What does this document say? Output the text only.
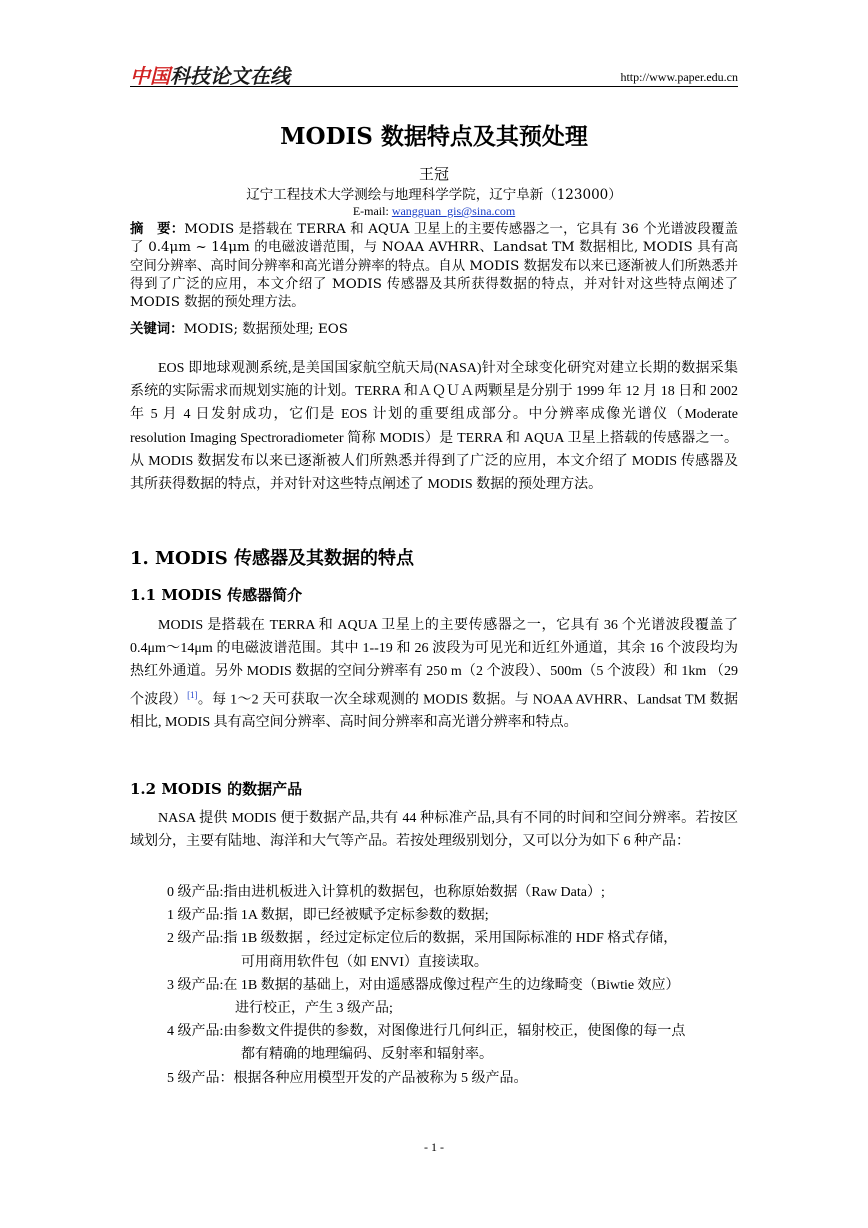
中国科技论文在线	http://www.paper.edu.cn
MODIS 数据特点及其预处理
王冠
辽宁工程技术大学测绘与地理科学学院，辽宁阜新（123000）
E-mail: wangguan_gis@sina.com
摘　要：MODIS 是搭载在 TERRA 和 AQUA 卫星上的主要传感器之一，它具有 36 个光谱波段覆盖了 0.4μm ~ 14μm 的电磁波谱范围，与 NOAA AVHRR、Landsat TM 数据相比, MODIS 具有高空间分辨率、高时间分辨率和高光谱分辨率的特点。自从 MODIS 数据发布以来已逐渐被人们所熟悉并得到了广泛的应用，本文介绍了 MODIS 传感器及其所获得数据的特点，并对针对这些特点阐述了 MODIS 数据的预处理方法。
关键词：MODIS; 数据预处理; EOS
EOS 即地球观测系统,是美国国家航空航天局(NASA)针对全球变化研究对建立长期的数据采集系统的实际需求而规划实施的计划。TERRA 和ＡＱＵＡ两颗星是分别于 1999 年 12 月 18 日和 2002 年 5 月 4 日发射成功，它们是 EOS 计划的重要组成部分。中分辨率成像光谱仪（Moderate resolution Imaging Spectroradiometer 简称 MODIS）是 TERRA 和 AQUA 卫星上搭载的传感器之一。从 MODIS 数据发布以来已逐渐被人们所熟悉并得到了广泛的应用，本文介绍了 MODIS 传感器及其所获得数据的特点，并对针对这些特点阐述了 MODIS 数据的预处理方法。
1. MODIS 传感器及其数据的特点
1.1 MODIS 传感器简介
MODIS 是搭载在 TERRA 和 AQUA 卫星上的主要传感器之一，它具有 36 个光谱波段覆盖了 0.4μm～14μm 的电磁波谱范围。其中 1--19 和 26 波段为可见光和近红外通道，其余 16 个波段均为热红外通道。另外 MODIS 数据的空间分辨率有 250 m（2 个波段）、500m（5 个波段）和 1km （29 个波段）[1]。每 1～2 天可获取一次全球观测的 MODIS 数据。与 NOAA AVHRR、Landsat TM 数据相比, MODIS 具有高空间分辨率、高时间分辨率和高光谱分辨率和特点。
1.2 MODIS 的数据产品
NASA 提供 MODIS 便于数据产品,共有 44 种标准产品,具有不同的时间和空间分辨率。若按区域划分，主要有陆地、海洋和大气等产品。若按处理级别划分，又可以分为如下 6 种产品：
0 级产品: 指由进机板进入计算机的数据包，也称原始数据（Raw Data）;
1 级产品: 指 1A 数据，即已经被赋予定标参数的数据;
2 级产品: 指 1B 级数据 ，经过定标定位后的数据，采用国际标准的 HDF 格式存储，
可用商用软件包（如 ENVI）直接读取。
3 级产品: 在 1B 数据的基础上，对由遥感器成像过程产生的边缘畸变（Biwtie 效应）
进行校正，产生 3 级产品;
4 级产品: 由参数文件提供的参数，对图像进行几何纠正，辐射校正，使图像的每一点
都有精确的地理编码、反射率和辐射率。
5 级产品： 根据各种应用模型开发的产品被称为 5 级产品。
- 1 -
